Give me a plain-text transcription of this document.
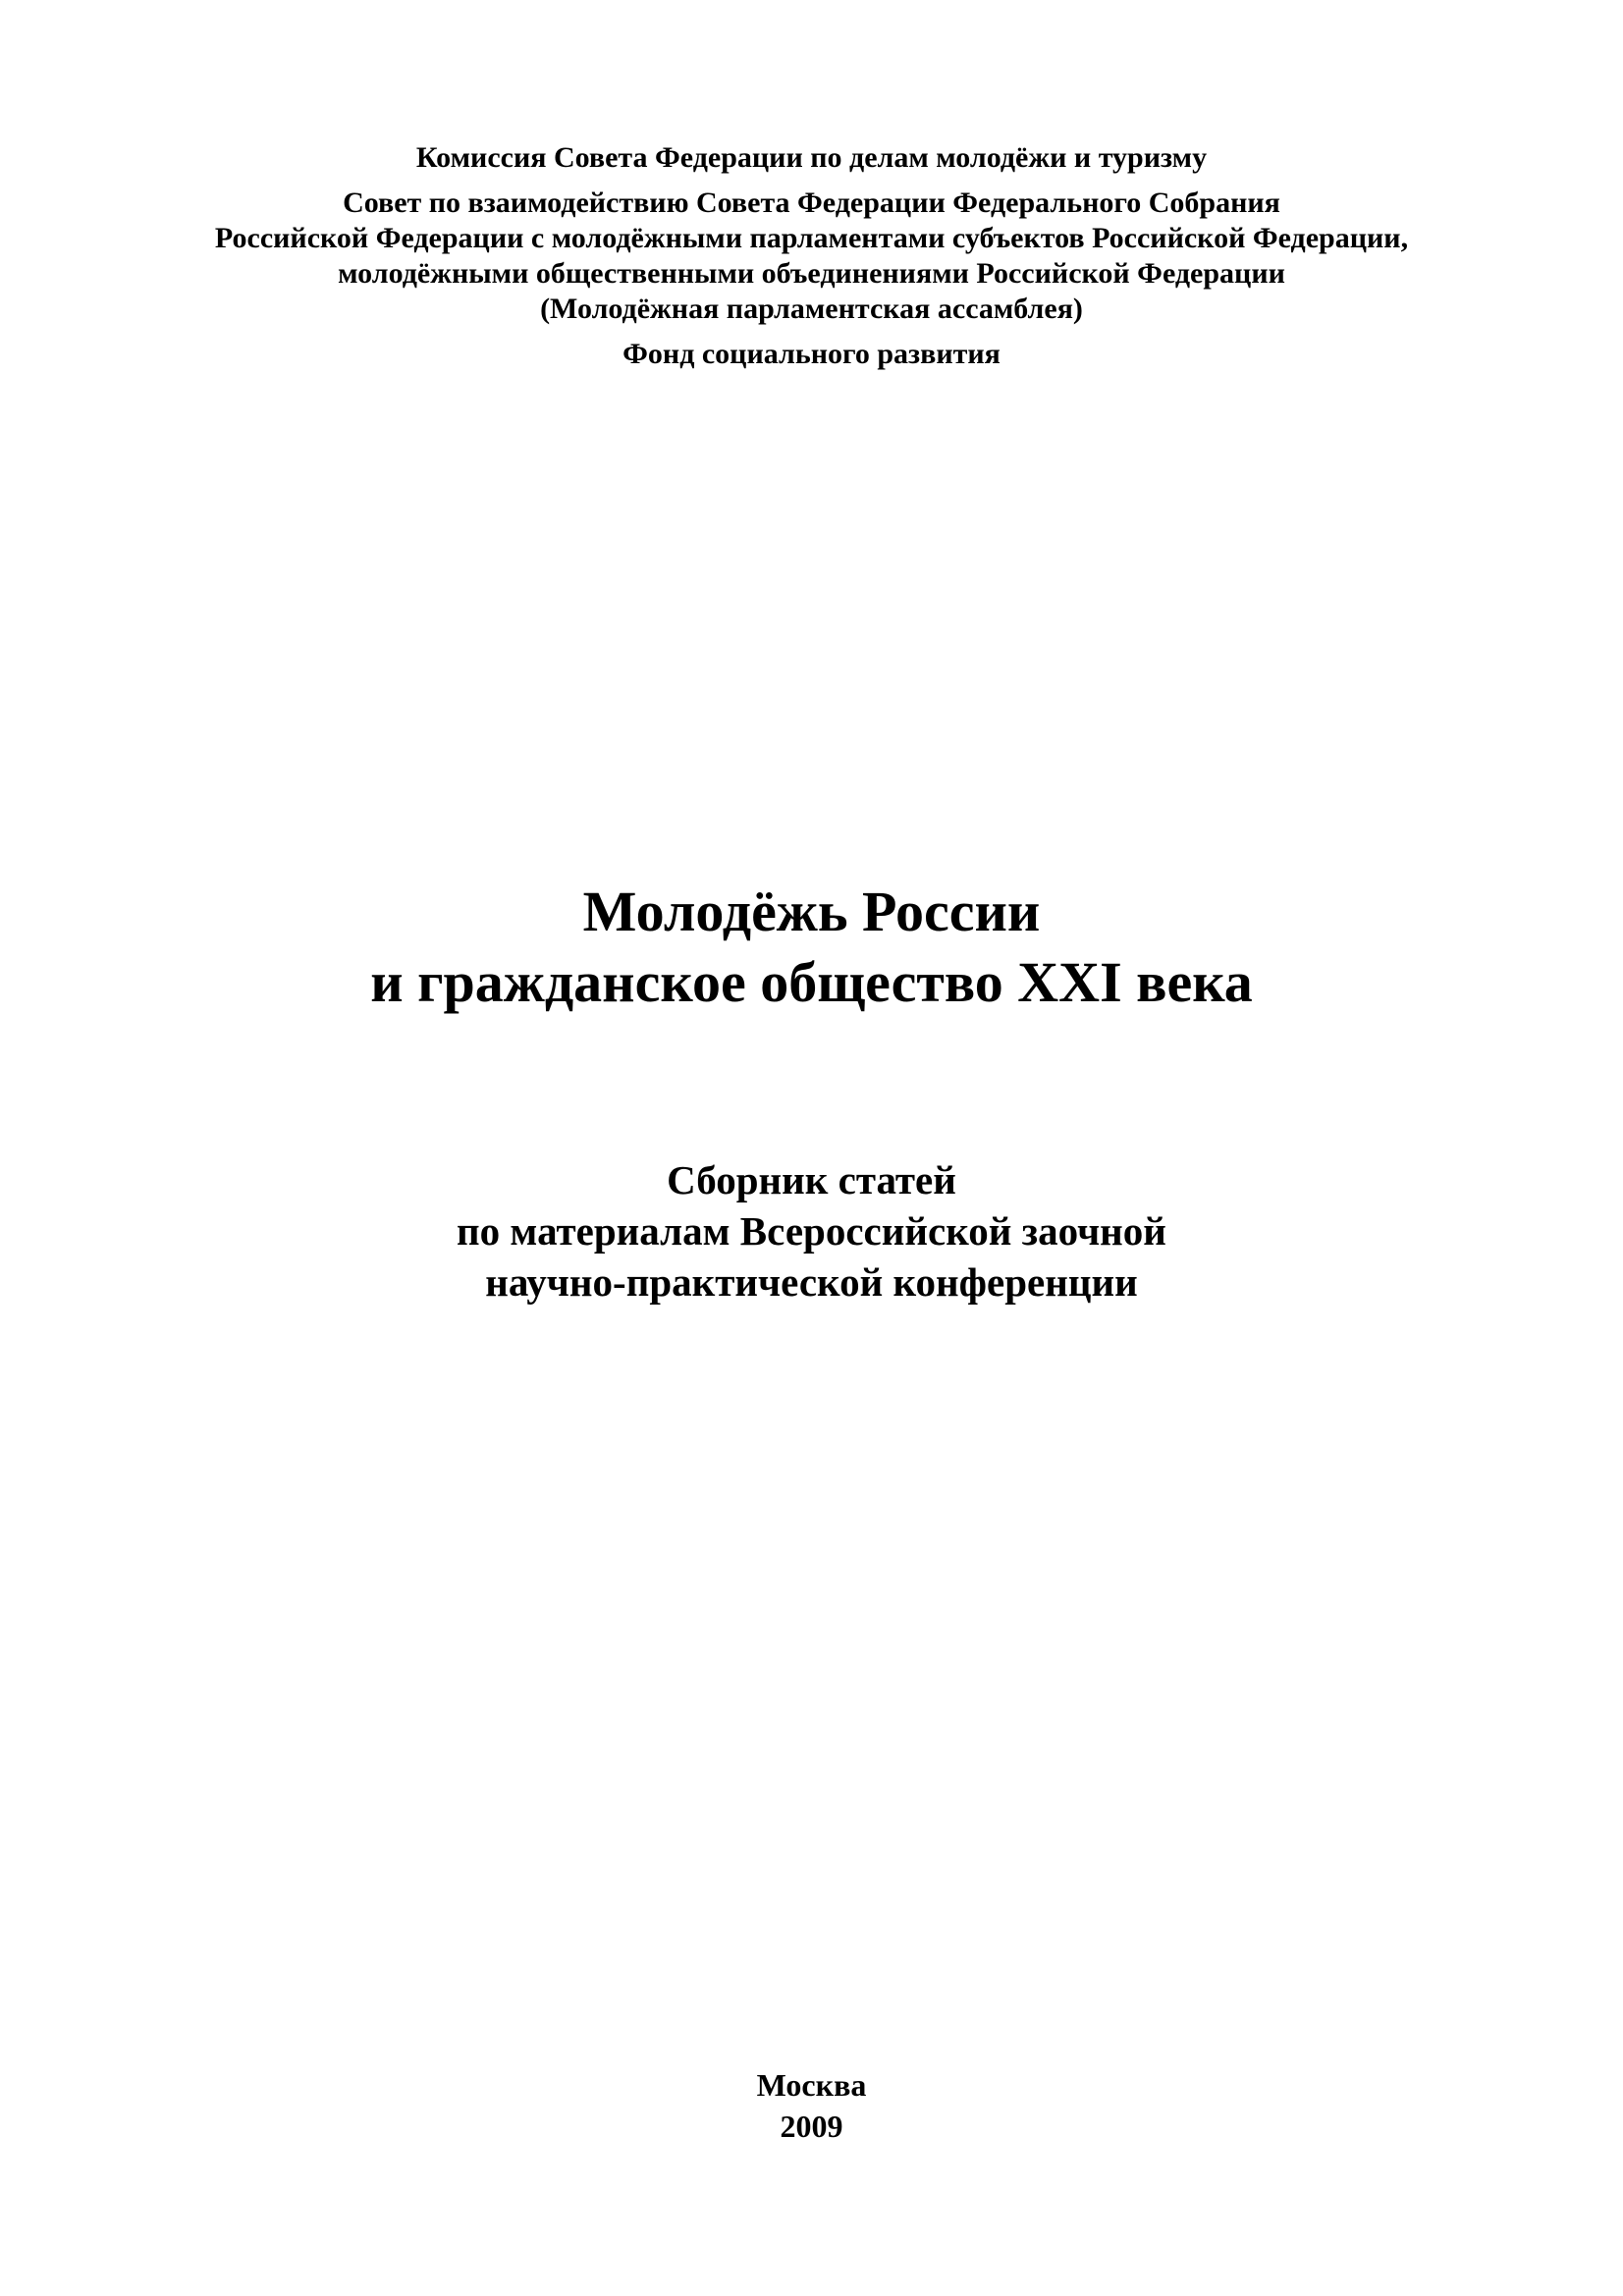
Комиссия Совета Федерации по делам молодёжи и туризму
Совет по взаимодействию Совета Федерации Федерального Собрания
Российской Федерации с молодёжными парламентами субъектов Российской Федерации,
молодёжными общественными объединениями Российской Федерации
(Молодёжная парламентская ассамблея)
Фонд социального развития
Молодёжь России
и гражданское общество XXI века
Сборник статей
по материалам Всероссийской заочной
научно-практической конференции
Москва
2009
